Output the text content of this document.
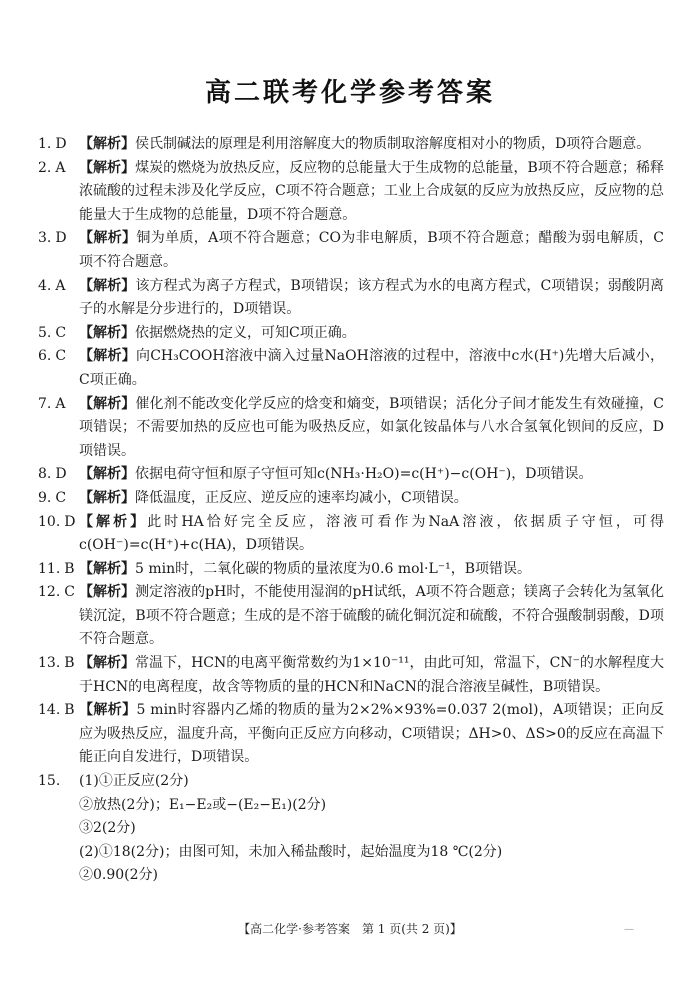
高二联考化学参考答案
1. D 【解析】侯氏制碱法的原理是利用溶解度大的物质制取溶解度相对小的物质，D项符合题意。
2. A 【解析】煤炭的燃烧为放热反应，反应物的总能量大于生成物的总能量，B项不符合题意；稀释浓硫酸的过程未涉及化学反应，C项不符合题意；工业上合成氨的反应为放热反应，反应物的总能量大于生成物的总能量，D项不符合题意。
3. D 【解析】铜为单质，A项不符合题意；CO为非电解质，B项不符合题意；醋酸为弱电解质，C项不符合题意。
4. A 【解析】该方程式为离子方程式，B项错误；该方程式为水的电离方程式，C项错误；弱酸阴离子的水解是分步进行的，D项错误。
5. C 【解析】依据燃烧热的定义，可知C项正确。
6. C 【解析】向CH₃COOH溶液中滴入过量NaOH溶液的过程中，溶液中c水(H⁺)先增大后减小，C项正确。
7. A 【解析】催化剂不能改变化学反应的焓变和熵变，B项错误；活化分子间才能发生有效碰撞，C项错误；不需要加热的反应也可能为吸热反应，如氯化铵晶体与八水合氢氧化钡间的反应，D项错误。
8. D 【解析】依据电荷守恒和原子守恒可知c(NH₃·H₂O)=c(H⁺)−c(OH⁻)，D项错误。
9. C 【解析】降低温度，正反应、逆反应的速率均减小，C项错误。
10. D 【解析】此时HA恰好完全反应，溶液可看作为NaA溶液，依据质子守恒，可得c(OH⁻)=c(H⁺)+c(HA)，D项错误。
11. B 【解析】5 min时，二氧化碳的物质的量浓度为0.6 mol·L⁻¹，B项错误。
12. C 【解析】测定溶液的pH时，不能使用湿润的pH试纸，A项不符合题意；镁离子会转化为氢氧化镁沉淀，B项不符合题意；生成的是不溶于硫酸的硫化铜沉淀和硫酸，不符合强酸制弱酸，D项不符合题意。
13. B 【解析】常温下，HCN的电离平衡常数约为1×10⁻¹¹，由此可知，常温下，CN⁻的水解程度大于HCN的电离程度，故含等物质的量的HCN和NaCN的混合溶液呈碱性，B项错误。
14. B 【解析】5 min时容器内乙烯的物质的量为2×2%×93%=0.037 2(mol)，A项错误；正向反应为吸热反应，温度升高，平衡向正反应方向移动，C项错误；ΔH>0、ΔS>0的反应在高温下能正向自发进行，D项错误。
15. (1)①正反应(2分)
②放热(2分)；E₁−E₂或−(E₂−E₁)(2分)
③2(2分)
(2)①18(2分)；由图可知，未加入稀盐酸时，起始温度为18 ℃(2分)
②0.90(2分)
【高二化学·参考答案　第 1 页(共 2 页)】	—
